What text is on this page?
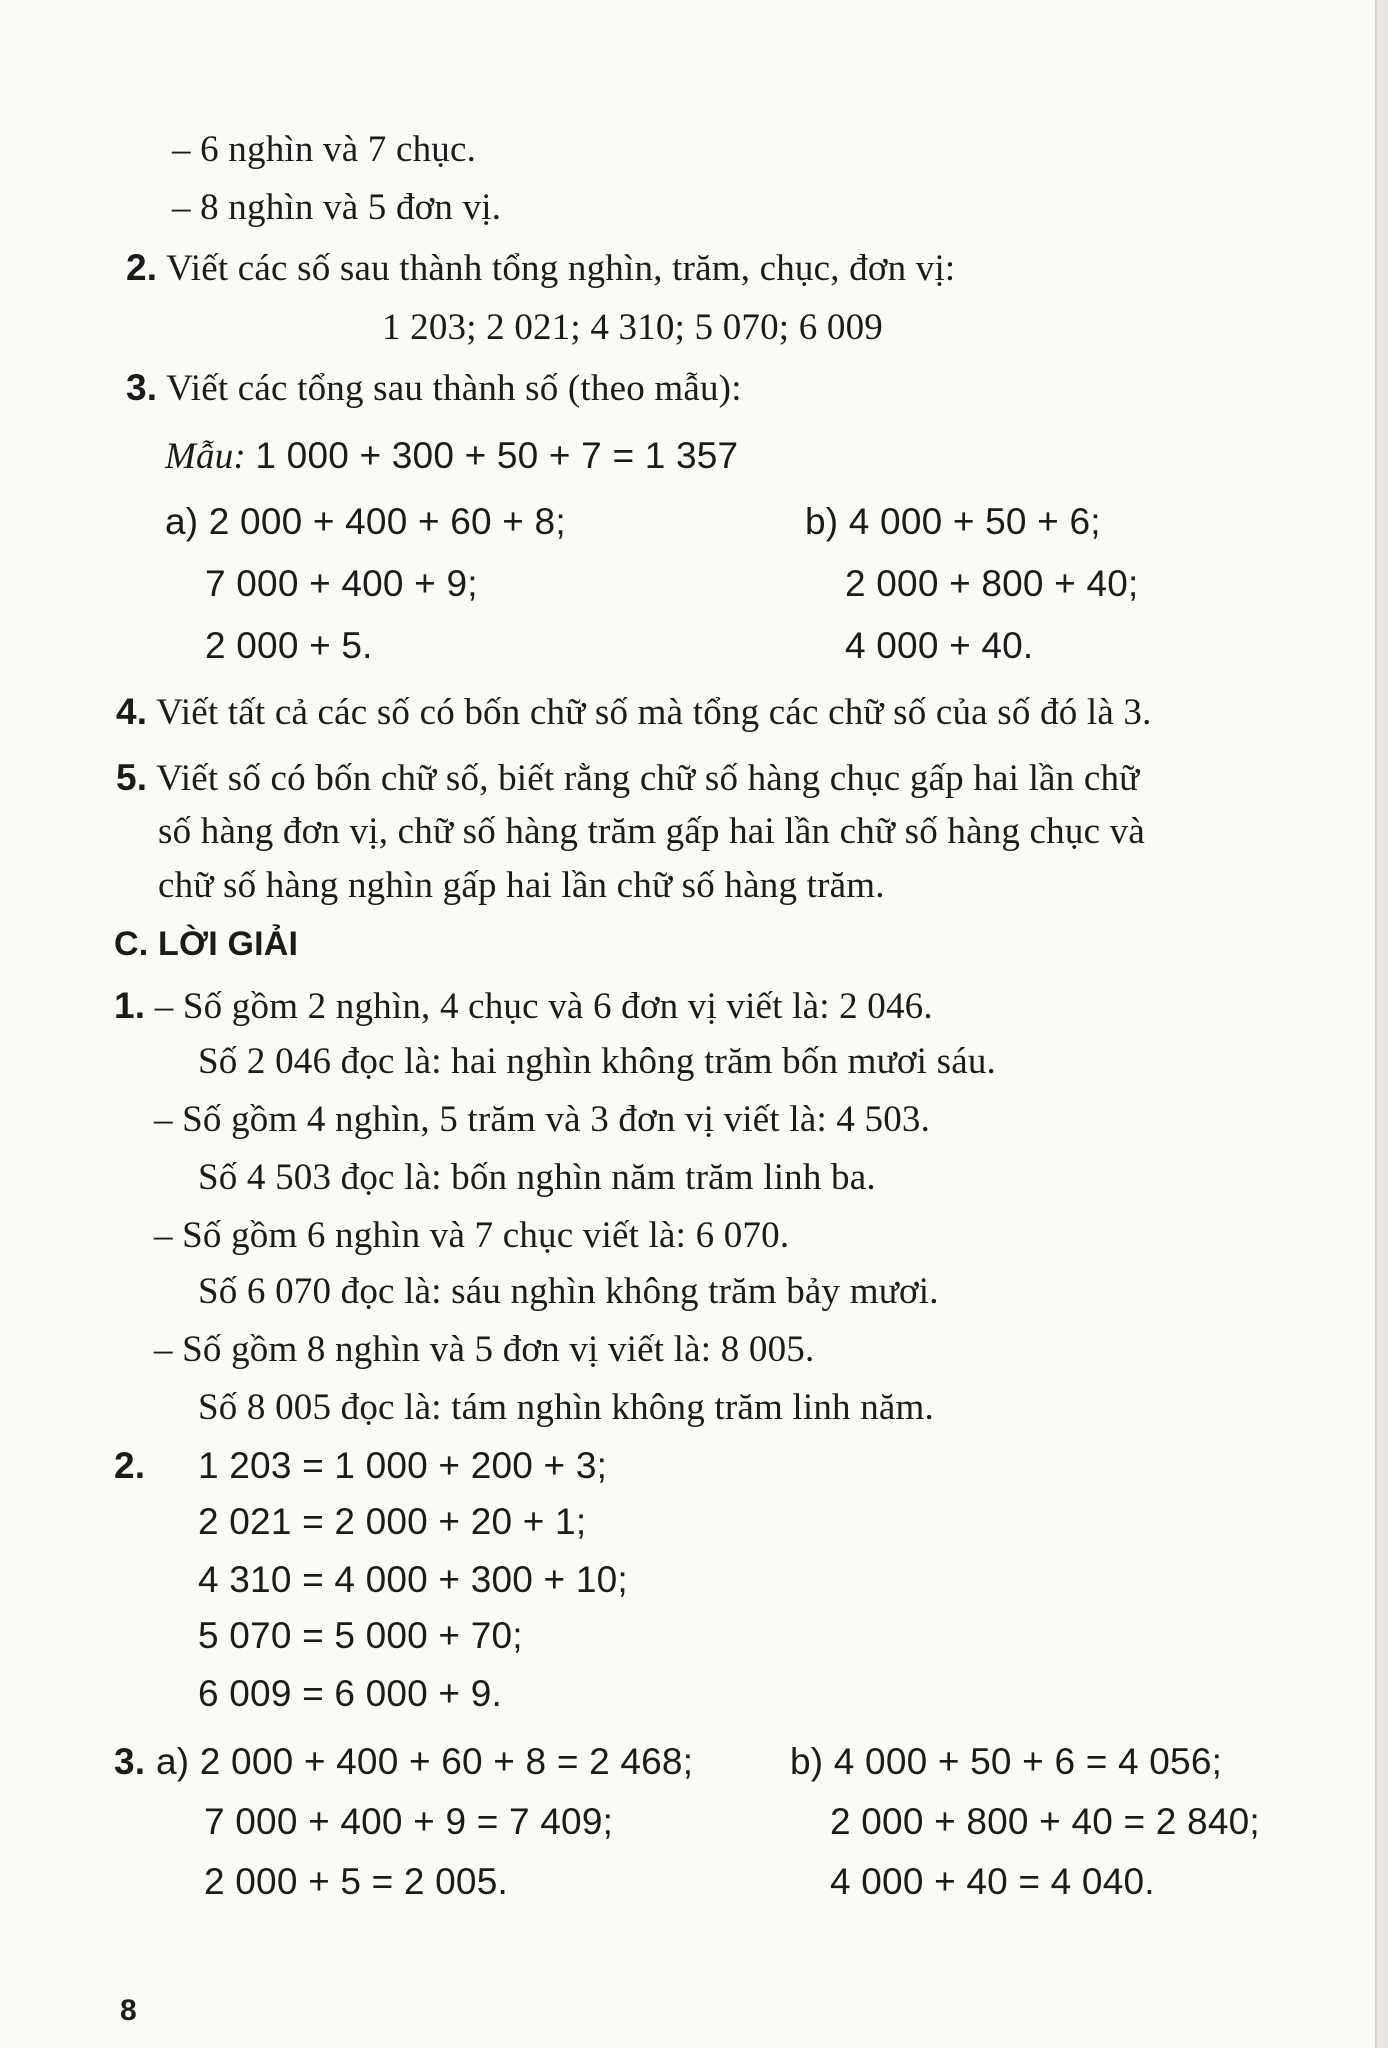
– 6 nghìn và 7 chục.
– 8 nghìn và 5 đơn vị.
2. Viết các số sau thành tổng nghìn, trăm, chục, đơn vị:
1 203; 2 021; 4 310; 5 070; 6 009
3. Viết các tổng sau thành số (theo mẫu):
Mẫu: 1 000 + 300 + 50 + 7 = 1 357
a) 2 000 + 400 + 60 + 8;
7 000 + 400 + 9;
2 000 + 5.
b) 4 000 + 50 + 6;
2 000 + 800 + 40;
4 000 + 40.
4. Viết tất cả các số có bốn chữ số mà tổng các chữ số của số đó là 3.
5. Viết số có bốn chữ số, biết rằng chữ số hàng chục gấp hai lần chữ
số hàng đơn vị, chữ số hàng trăm gấp hai lần chữ số hàng chục và
chữ số hàng nghìn gấp hai lần chữ số hàng trăm.
C. LỜI GIẢI
1. – Số gồm 2 nghìn, 4 chục và 6 đơn vị viết là: 2 046.
Số 2 046 đọc là: hai nghìn không trăm bốn mươi sáu.
– Số gồm 4 nghìn, 5 trăm và 3 đơn vị viết là: 4 503.
Số 4 503 đọc là: bốn nghìn năm trăm linh ba.
– Số gồm 6 nghìn và 7 chục viết là: 6 070.
Số 6 070 đọc là: sáu nghìn không trăm bảy mươi.
– Số gồm 8 nghìn và 5 đơn vị viết là: 8 005.
Số 8 005 đọc là: tám nghìn không trăm linh năm.
2. 1 203 = 1 000 + 200 + 3;
2 021 = 2 000 + 20 + 1;
4 310 = 4 000 + 300 + 10;
5 070 = 5 000 + 70;
6 009 = 6 000 + 9.
3. a) 2 000 + 400 + 60 + 8 = 2 468;
7 000 + 400 + 9 = 7 409;
2 000 + 5 = 2 005.
b) 4 000 + 50 + 6 = 4 056;
2 000 + 800 + 40 = 2 840;
4 000 + 40 = 4 040.
8
